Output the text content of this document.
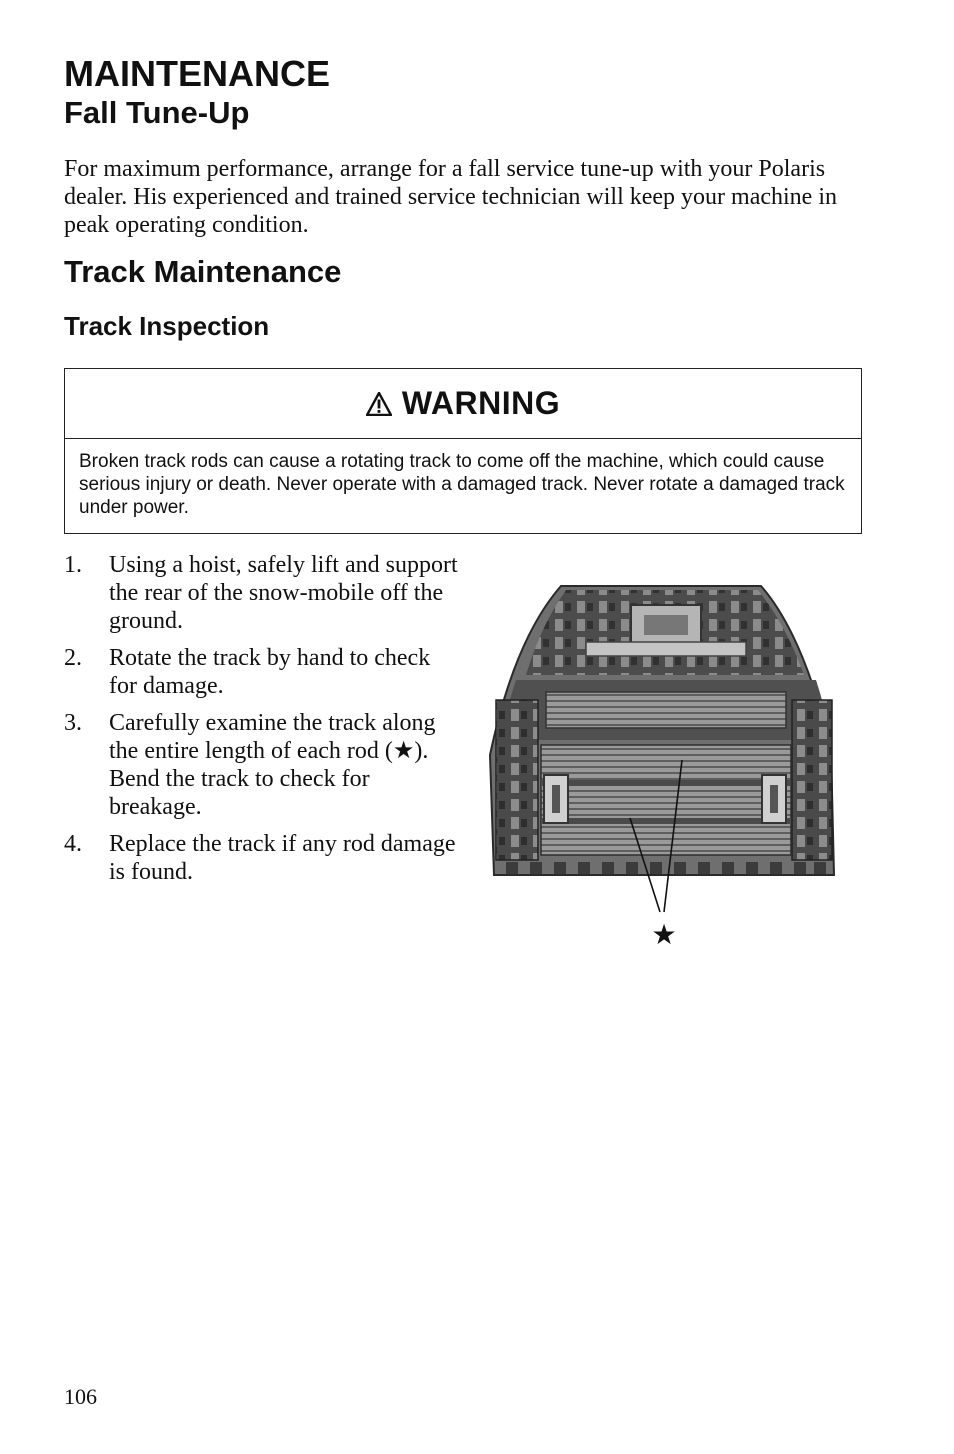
MAINTENANCE
Fall Tune-Up

For maximum performance, arrange for a fall service tune-up with your Polaris dealer. His experienced and trained service technician will keep your machine in peak operating condition.

Track Maintenance
Track Inspection
WARNING
Broken track rods can cause a rotating track to come off the machine, which could cause serious injury or death. Never operate with a damaged track. Never rotate a damaged track under power.
1. Using a hoist, safely lift and support the rear of the snow-mobile off the ground.
2. Rotate the track by hand to check for damage.
3. Carefully examine the track along the entire length of each rod (★). Bend the track to check for breakage.
4. Replace the track if any rod damage is found.
★
106
